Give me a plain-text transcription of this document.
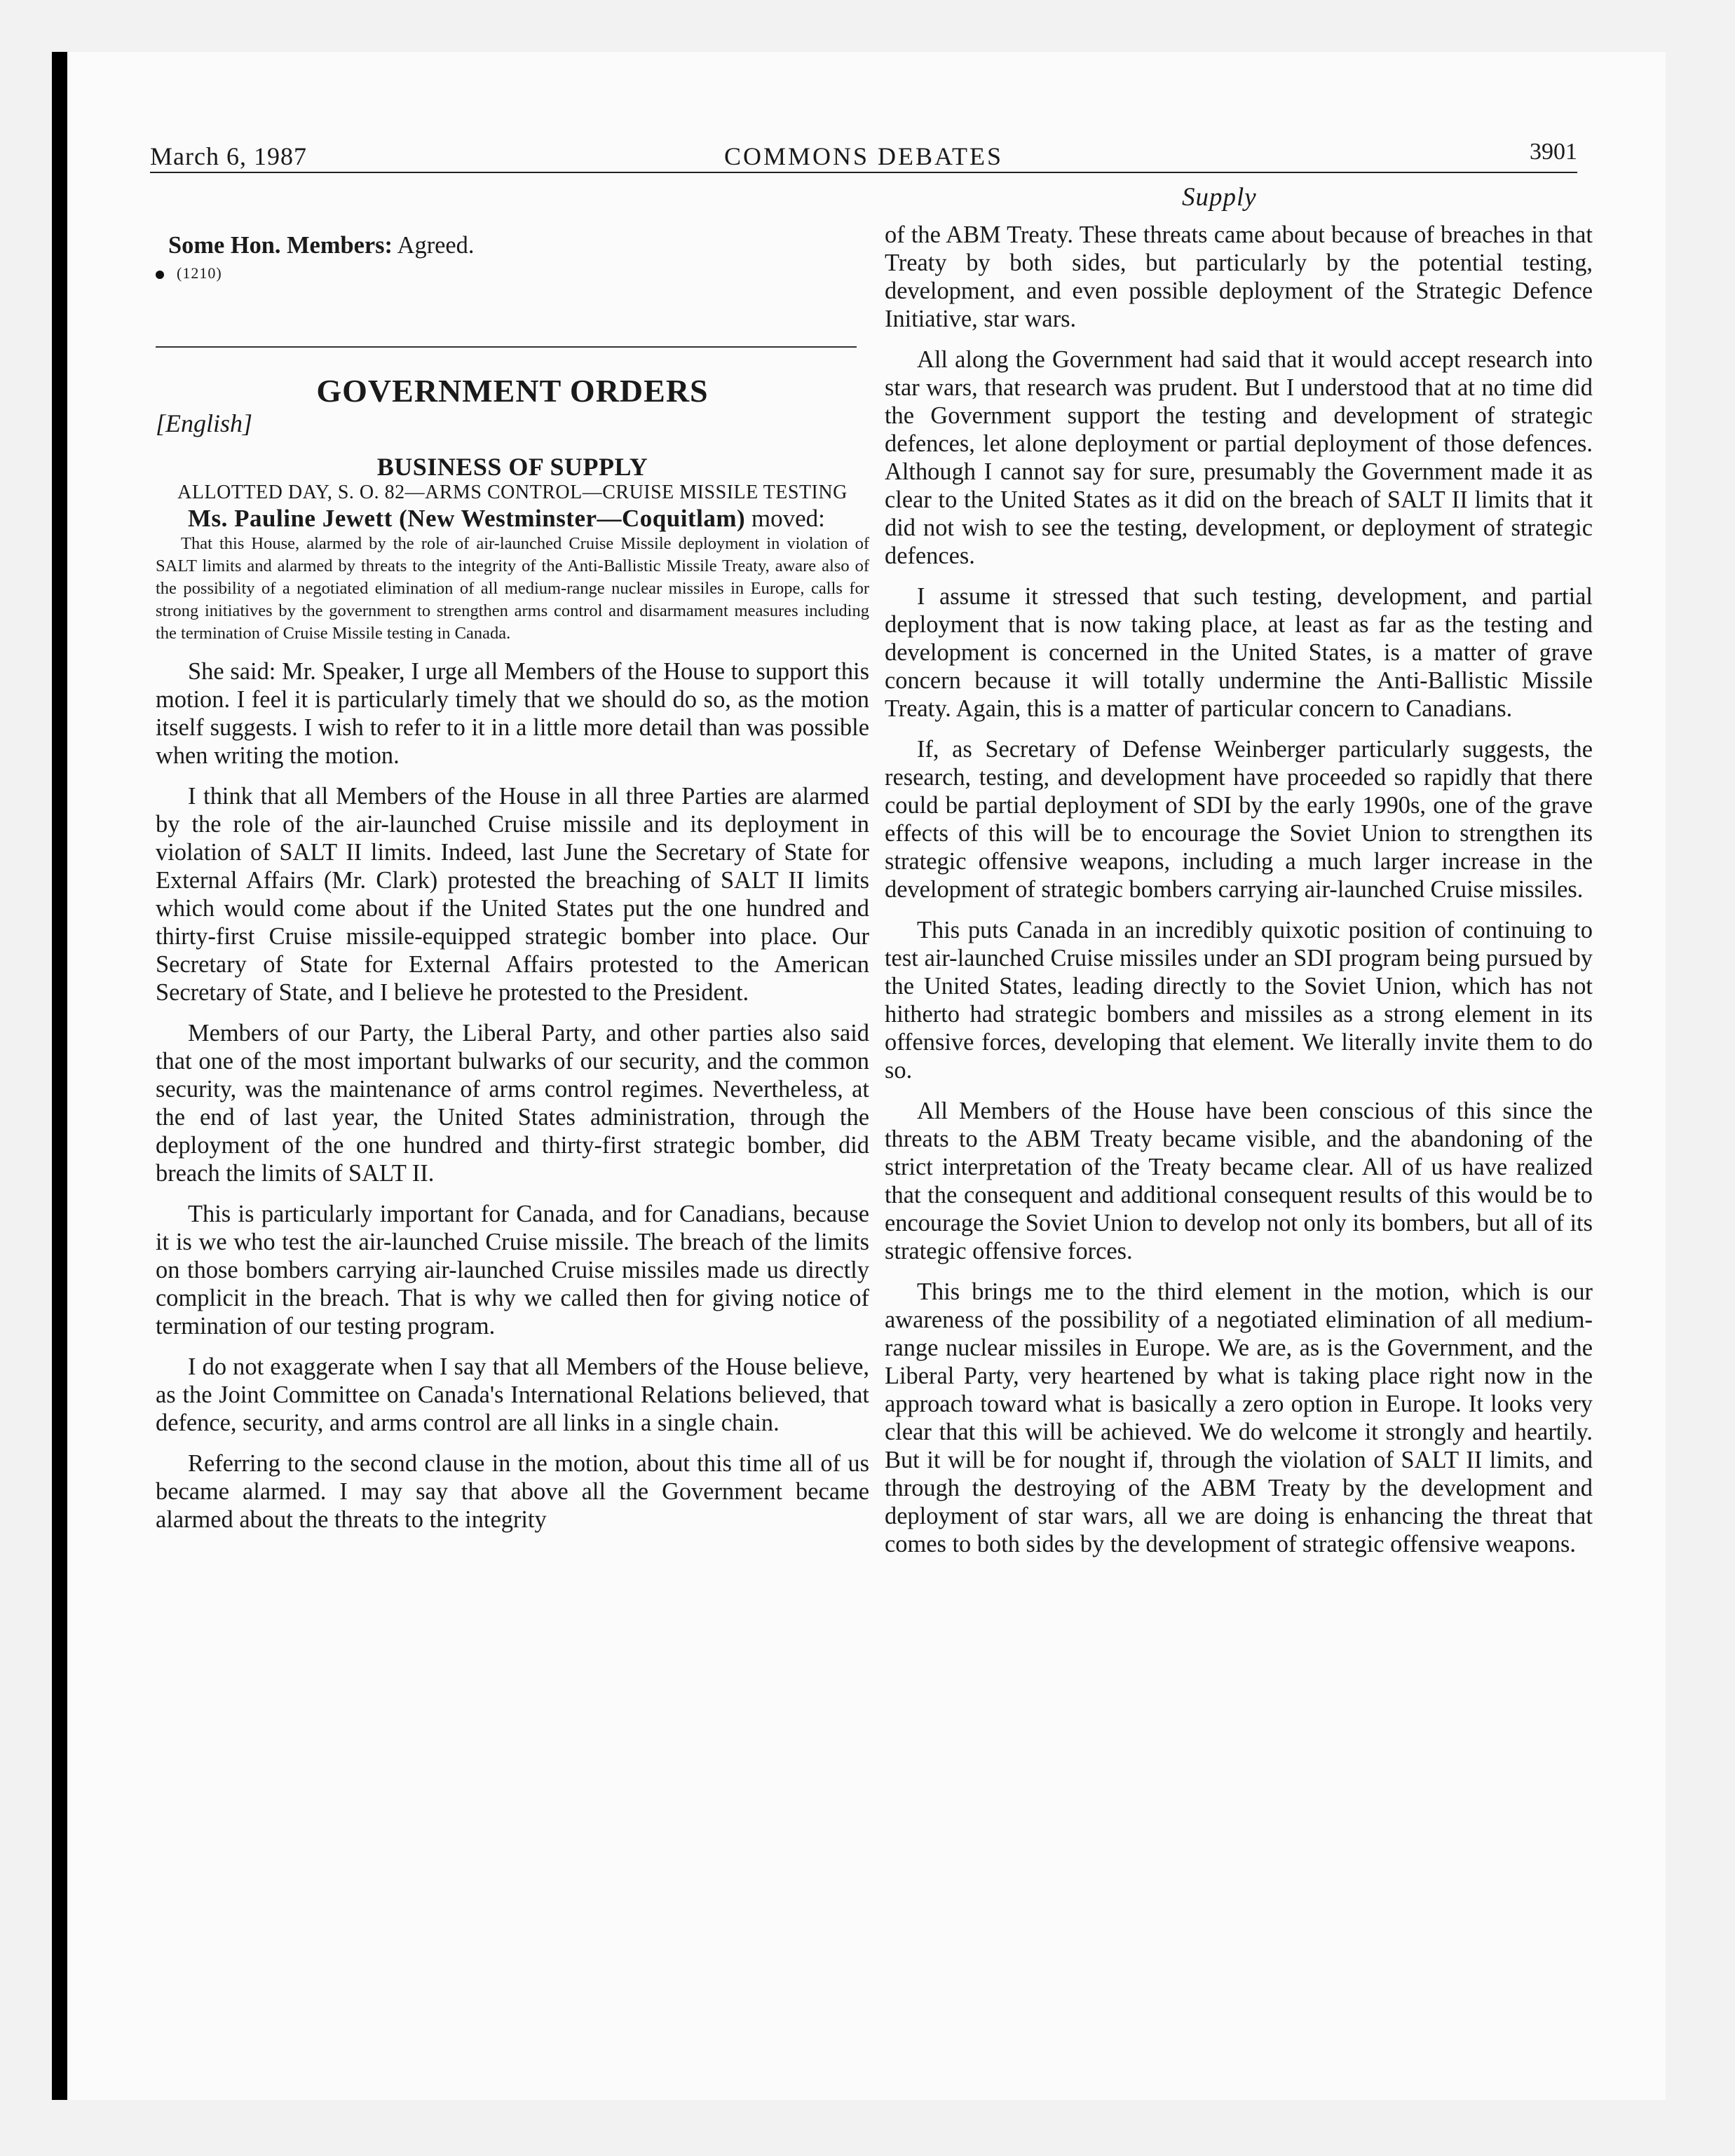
March 6, 1987	COMMONS DEBATES	3901
Supply

Some Hon. Members: Agreed.

(1210)

GOVERNMENT ORDERS

[English]

BUSINESS OF SUPPLY

ALLOTTED DAY, S. O. 82—ARMS CONTROL—CRUISE MISSILE TESTING

Ms. Pauline Jewett (New Westminster—Coquitlam) moved:

That this House, alarmed by the role of air-launched Cruise Missile deployment in violation of SALT limits and alarmed by threats to the integrity of the Anti-Ballistic Missile Treaty, aware also of the possibility of a negotiated elimination of all medium-range nuclear missiles in Europe, calls for strong initiatives by the government to strengthen arms control and disarmament measures including the termination of Cruise Missile testing in Canada.

She said: Mr. Speaker, I urge all Members of the House to support this motion. I feel it is particularly timely that we should do so, as the motion itself suggests. I wish to refer to it in a little more detail than was possible when writing the motion.

I think that all Members of the House in all three Parties are alarmed by the role of the air-launched Cruise missile and its deployment in violation of SALT II limits. Indeed, last June the Secretary of State for External Affairs (Mr. Clark) protested the breaching of SALT II limits which would come about if the United States put the one hundred and thirty-first Cruise missile-equipped strategic bomber into place. Our Secretary of State for External Affairs protested to the American Secretary of State, and I believe he protested to the President.

Members of our Party, the Liberal Party, and other parties also said that one of the most important bulwarks of our security, and the common security, was the maintenance of arms control regimes. Nevertheless, at the end of last year, the United States administration, through the deployment of the one hundred and thirty-first strategic bomber, did breach the limits of SALT II.

This is particularly important for Canada, and for Canadians, because it is we who test the air-launched Cruise missile. The breach of the limits on those bombers carrying air-launched Cruise missiles made us directly complicit in the breach. That is why we called then for giving notice of termination of our testing program.

I do not exaggerate when I say that all Members of the House believe, as the Joint Committee on Canada's International Relations believed, that defence, security, and arms control are all links in a single chain.

Referring to the second clause in the motion, about this time all of us became alarmed. I may say that above all the Government became alarmed about the threats to the integrity

of the ABM Treaty. These threats came about because of breaches in that Treaty by both sides, but particularly by the potential testing, development, and even possible deployment of the Strategic Defence Initiative, star wars.

All along the Government had said that it would accept research into star wars, that research was prudent. But I understood that at no time did the Government support the testing and development of strategic defences, let alone deployment or partial deployment of those defences. Although I cannot say for sure, presumably the Government made it as clear to the United States as it did on the breach of SALT II limits that it did not wish to see the testing, development, or deployment of strategic defences.

I assume it stressed that such testing, development, and partial deployment that is now taking place, at least as far as the testing and development is concerned in the United States, is a matter of grave concern because it will totally undermine the Anti-Ballistic Missile Treaty. Again, this is a matter of particular concern to Canadians.

If, as Secretary of Defense Weinberger particularly suggests, the research, testing, and development have proceeded so rapidly that there could be partial deployment of SDI by the early 1990s, one of the grave effects of this will be to encourage the Soviet Union to strengthen its strategic offensive weapons, including a much larger increase in the development of strategic bombers carrying air-launched Cruise missiles.

This puts Canada in an incredibly quixotic position of continuing to test air-launched Cruise missiles under an SDI program being pursued by the United States, leading directly to the Soviet Union, which has not hitherto had strategic bombers and missiles as a strong element in its offensive forces, developing that element. We literally invite them to do so.

All Members of the House have been conscious of this since the threats to the ABM Treaty became visible, and the abandoning of the strict interpretation of the Treaty became clear. All of us have realized that the consequent and additional consequent results of this would be to encourage the Soviet Union to develop not only its bombers, but all of its strategic offensive forces.

This brings me to the third element in the motion, which is our awareness of the possibility of a negotiated elimination of all medium-range nuclear missiles in Europe. We are, as is the Government, and the Liberal Party, very heartened by what is taking place right now in the approach toward what is basically a zero option in Europe. It looks very clear that this will be achieved. We do welcome it strongly and heartily. But it will be for nought if, through the violation of SALT II limits, and through the destroying of the ABM Treaty by the development and deployment of star wars, all we are doing is enhancing the threat that comes to both sides by the development of strategic offensive weapons.
